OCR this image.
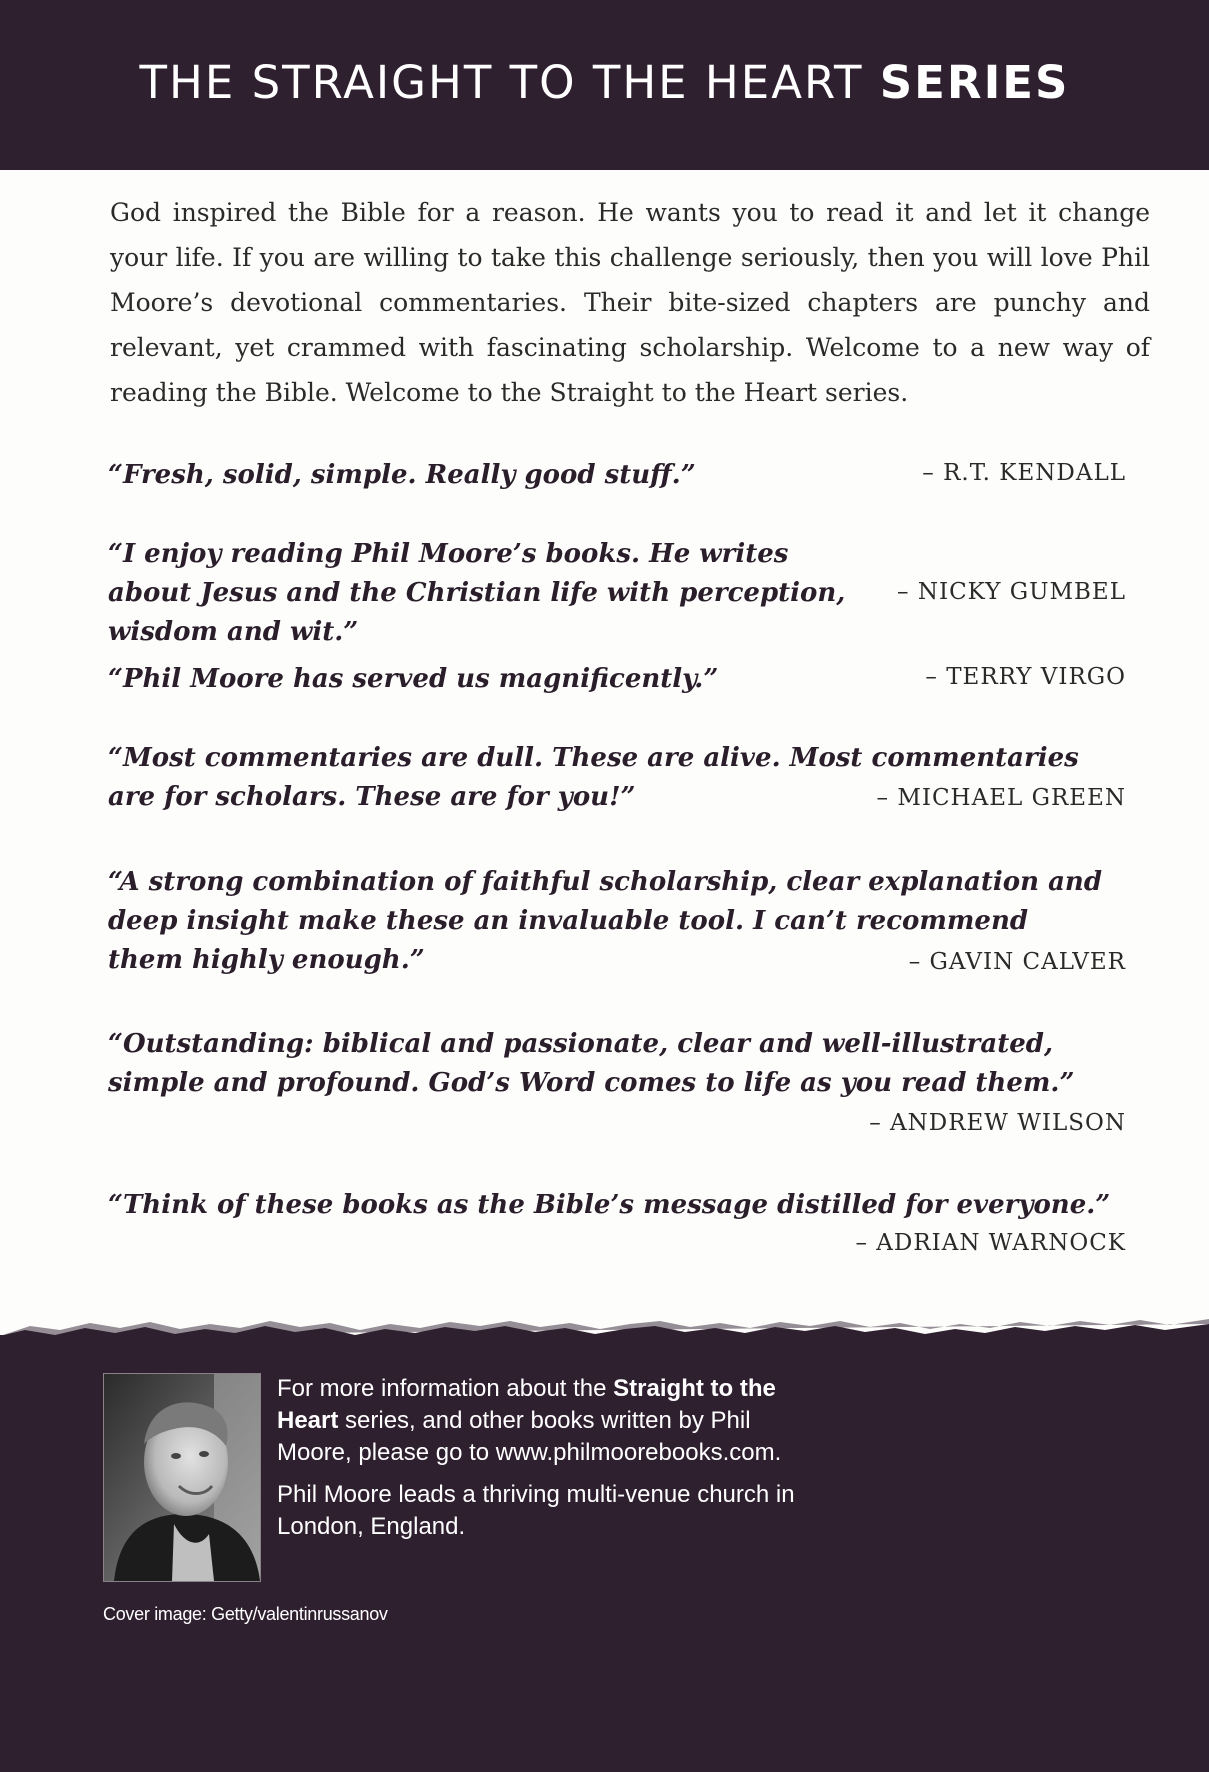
THE STRAIGHT TO THE HEART SERIES
God inspired the Bible for a reason. He wants you to read it and let it change your life. If you are willing to take this challenge seriously, then you will love Phil Moore’s devotional commentaries. Their bite-sized chapters are punchy and relevant, yet crammed with fascinating scholarship. Welcome to a new way of reading the Bible. Welcome to the Straight to the Heart series.

“Fresh, solid, simple. Really good stuff.”	– R.T. KENDALL

“I enjoy reading Phil Moore’s books. He writes about Jesus and the Christian life with perception, wisdom and wit.”

– NICKY GUMBEL

“Phil Moore has served us magnificently.”	– TERRY VIRGO

“Most commentaries are dull. These are alive. Most commentaries are for scholars. These are for you!”	– MICHAEL GREEN

“A strong combination of faithful scholarship, clear explanation and deep insight make these an invaluable tool. I can’t recommend them highly enough.”	– GAVIN CALVER

“Outstanding: biblical and passionate, clear and well-illustrated, simple and profound. God’s Word comes to life as you read them.”

– ANDREW WILSON

“Think of these books as the Bible’s message distilled for everyone.”

– ADRIAN WARNOCK

For more information about the Straight to the Heart series, and other books written by Phil Moore, please go to www.philmoorebooks.com.

Phil Moore leads a thriving multi-venue church in London, England.

Cover image: Getty/valentinrussanov
